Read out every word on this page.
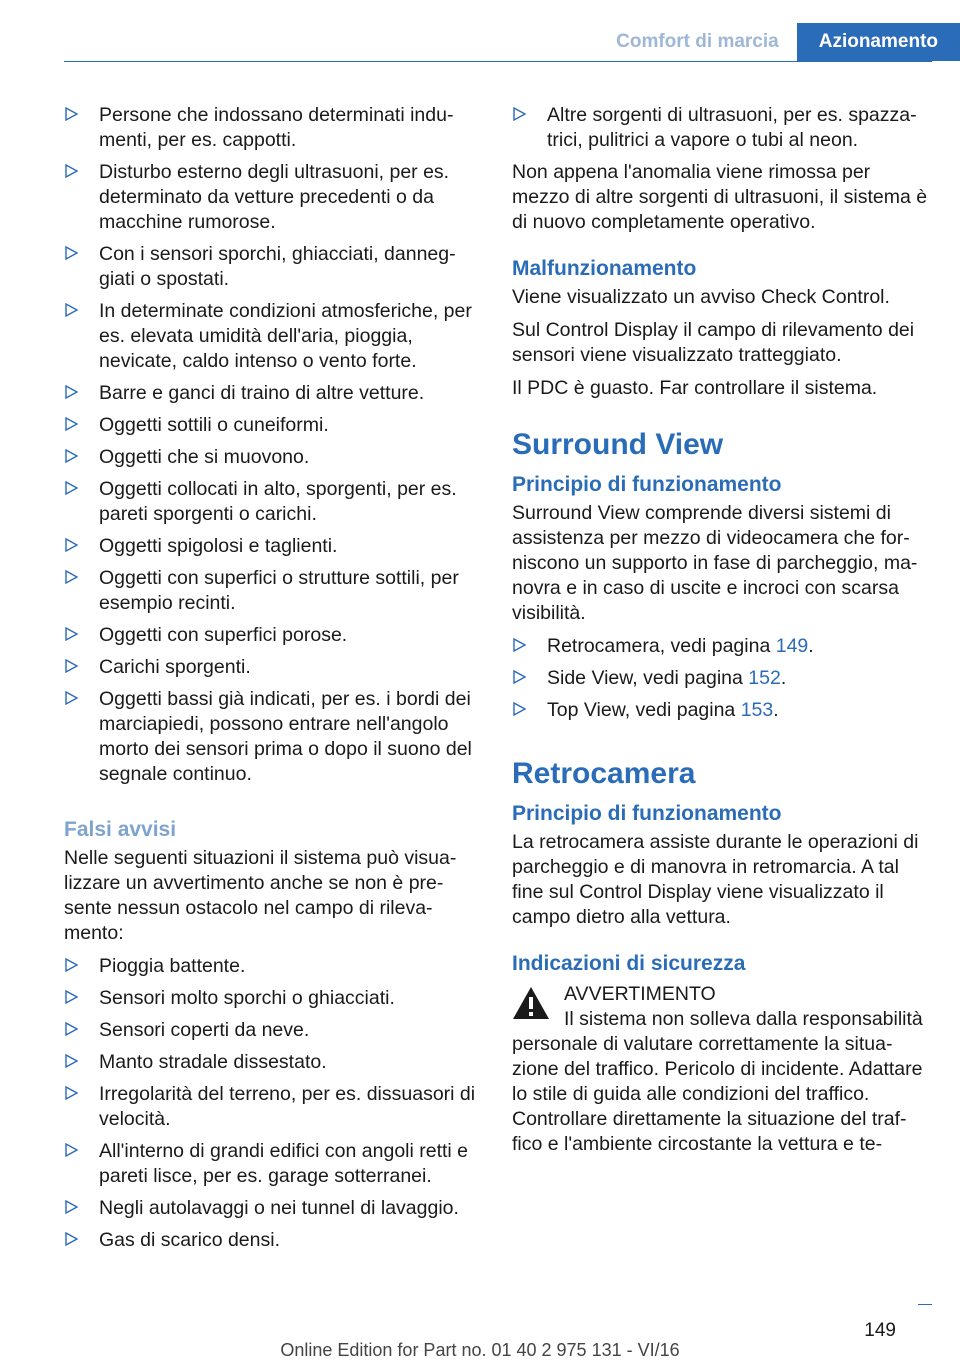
Comfort di marcia	Azionamento
Persone che indossano determinati indumenti, per es. cappotti.
Disturbo esterno degli ultrasuoni, per es. determinato da vetture precedenti o da macchine rumorose.
Con i sensori sporchi, ghiacciati, danneggiati o spostati.
In determinate condizioni atmosferiche, per es. elevata umidità dell'aria, pioggia, nevicate, caldo intenso o vento forte.
Barre e ganci di traino di altre vetture.
Oggetti sottili o cuneiformi.
Oggetti che si muovono.
Oggetti collocati in alto, sporgenti, per es. pareti sporgenti o carichi.
Oggetti spigolosi e taglienti.
Oggetti con superfici o strutture sottili, per esempio recinti.
Oggetti con superfici porose.
Carichi sporgenti.
Oggetti bassi già indicati, per es. i bordi dei marciapiedi, possono entrare nell'angolo morto dei sensori prima o dopo il suono del segnale continuo.
Falsi avvisi

Nelle seguenti situazioni il sistema può visualizzare un avvertimento anche se non è presente nessun ostacolo nel campo di rilevamento:

Pioggia battente.
Sensori molto sporchi o ghiacciati.
Sensori coperti da neve.
Manto stradale dissestato.
Irregolarità del terreno, per es. dissuasori di velocità.
All'interno di grandi edifici con angoli retti e pareti lisce, per es. garage sotterranei.
Negli autolavaggi o nei tunnel di lavaggio.
Gas di scarico densi.
Altre sorgenti di ultrasuoni, per es. spazzatrici, pulitrici a vapore o tubi al neon.

Non appena l'anomalia viene rimossa per mezzo di altre sorgenti di ultrasuoni, il sistema è di nuovo completamente operativo.

Malfunzionamento

Viene visualizzato un avviso Check Control.

Sul Control Display il campo di rilevamento dei sensori viene visualizzato tratteggiato.

Il PDC è guasto. Far controllare il sistema.

Surround View
Principio di funzionamento

Surround View comprende diversi sistemi di assistenza per mezzo di videocamera che forniscono un supporto in fase di parcheggio, manovra e in caso di uscite e incroci con scarsa visibilità.

Retrocamera, vedi pagina 149.
Side View, vedi pagina 152.
Top View, vedi pagina 153.
Retrocamera
Principio di funzionamento

La retrocamera assiste durante le operazioni di parcheggio e di manovra in retromarcia. A tal fine sul Control Display viene visualizzato il campo dietro alla vettura.

Indicazioni di sicurezza
AVVERTIMENTO
Il sistema non solleva dalla responsabilità personale di valutare correttamente la situazione del traffico. Pericolo di incidente. Adattare lo stile di guida alle condizioni del traffico. Controllare direttamente la situazione del traffico e l'ambiente circostante la vettura e te-
149
Online Edition for Part no. 01 40 2 975 131 - VI/16
